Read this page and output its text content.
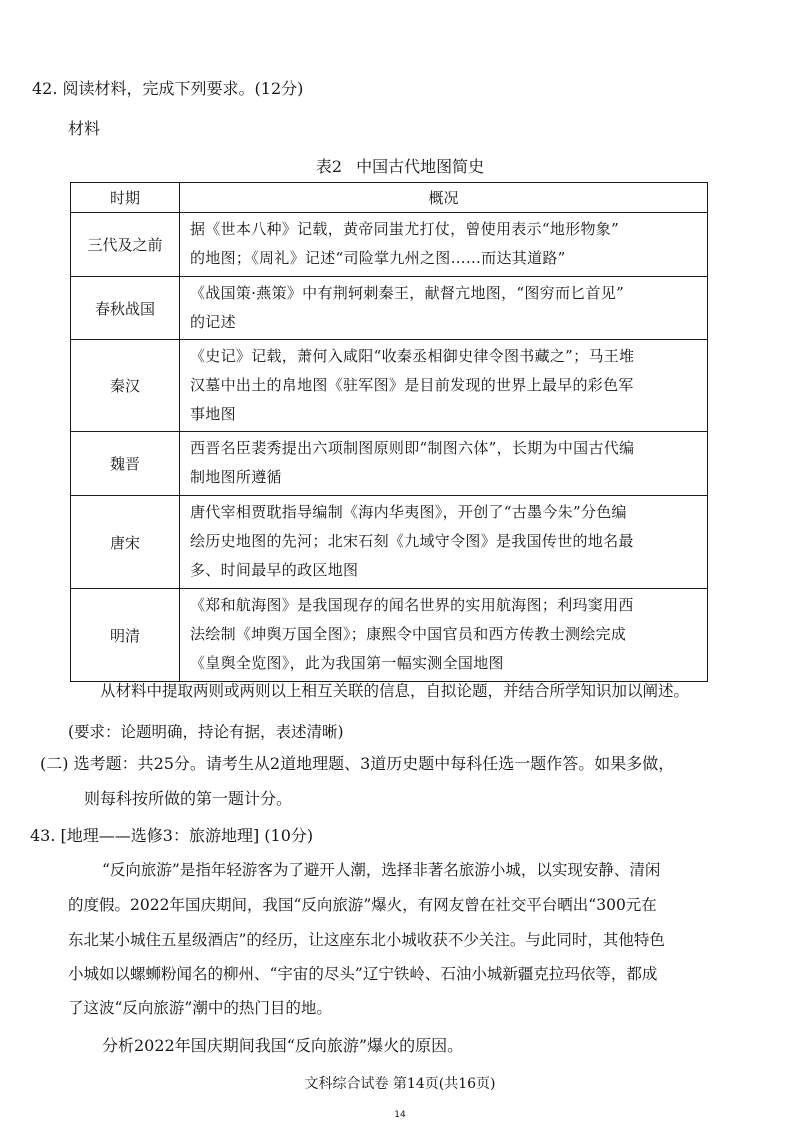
42. 阅读材料，完成下列要求。(12分)
材料
表2 中国古代地图简史
时期	概况
三代及之前	据《世本八种》记载，黄帝同蚩尤打仗，曾使用表示“地形物象”
的地图；《周礼》记述“司险掌九州之图……而达其道路”

春秋战国	《战国策·燕策》中有荆轲刺秦王，献督亢地图，“图穷而匕首见”
的记述

秦汉	《史记》记载，萧何入咸阳“收秦丞相御史律令图书藏之”；马王堆
汉墓中出土的帛地图《驻军图》是目前发现的世界上最早的彩色军
事地图

魏晋	西晋名臣裴秀提出六项制图原则即“制图六体”，长期为中国古代编
制地图所遵循

唐宋	唐代宰相贾耽指导编制《海内华夷图》，开创了“古墨今朱”分色编
绘历史地图的先河；北宋石刻《九域守令图》是我国传世的地名最
多、时间最早的政区地图

明清	《郑和航海图》是我国现存的闻名世界的实用航海图；利玛窦用西
法绘制《坤舆万国全图》；康熙令中国官员和西方传教士测绘完成
《皇舆全览图》，此为我国第一幅实测全国地图
从材料中提取两则或两则以上相互关联的信息，自拟论题，并结合所学知识加以阐述。
(要求：论题明确，持论有据，表述清晰)
(二) 选考题：共25分。请考生从2道地理题、3道历史题中每科任选一题作答。如果多做，
则每科按所做的第一题计分。
43. [地理——选修3：旅游地理] (10分)
“反向旅游”是指年轻游客为了避开人潮，选择非著名旅游小城，以实现安静、清闲
的度假。2022年国庆期间，我国“反向旅游”爆火，有网友曾在社交平台晒出“300元在
东北某小城住五星级酒店”的经历，让这座东北小城收获不少关注。与此同时，其他特色
小城如以螺蛳粉闻名的柳州、“宇宙的尽头”辽宁铁岭、石油小城新疆克拉玛依等，都成
了这波“反向旅游”潮中的热门目的地。
分析2022年国庆期间我国“反向旅游”爆火的原因。
文科综合试卷 第14页(共16页)
14
